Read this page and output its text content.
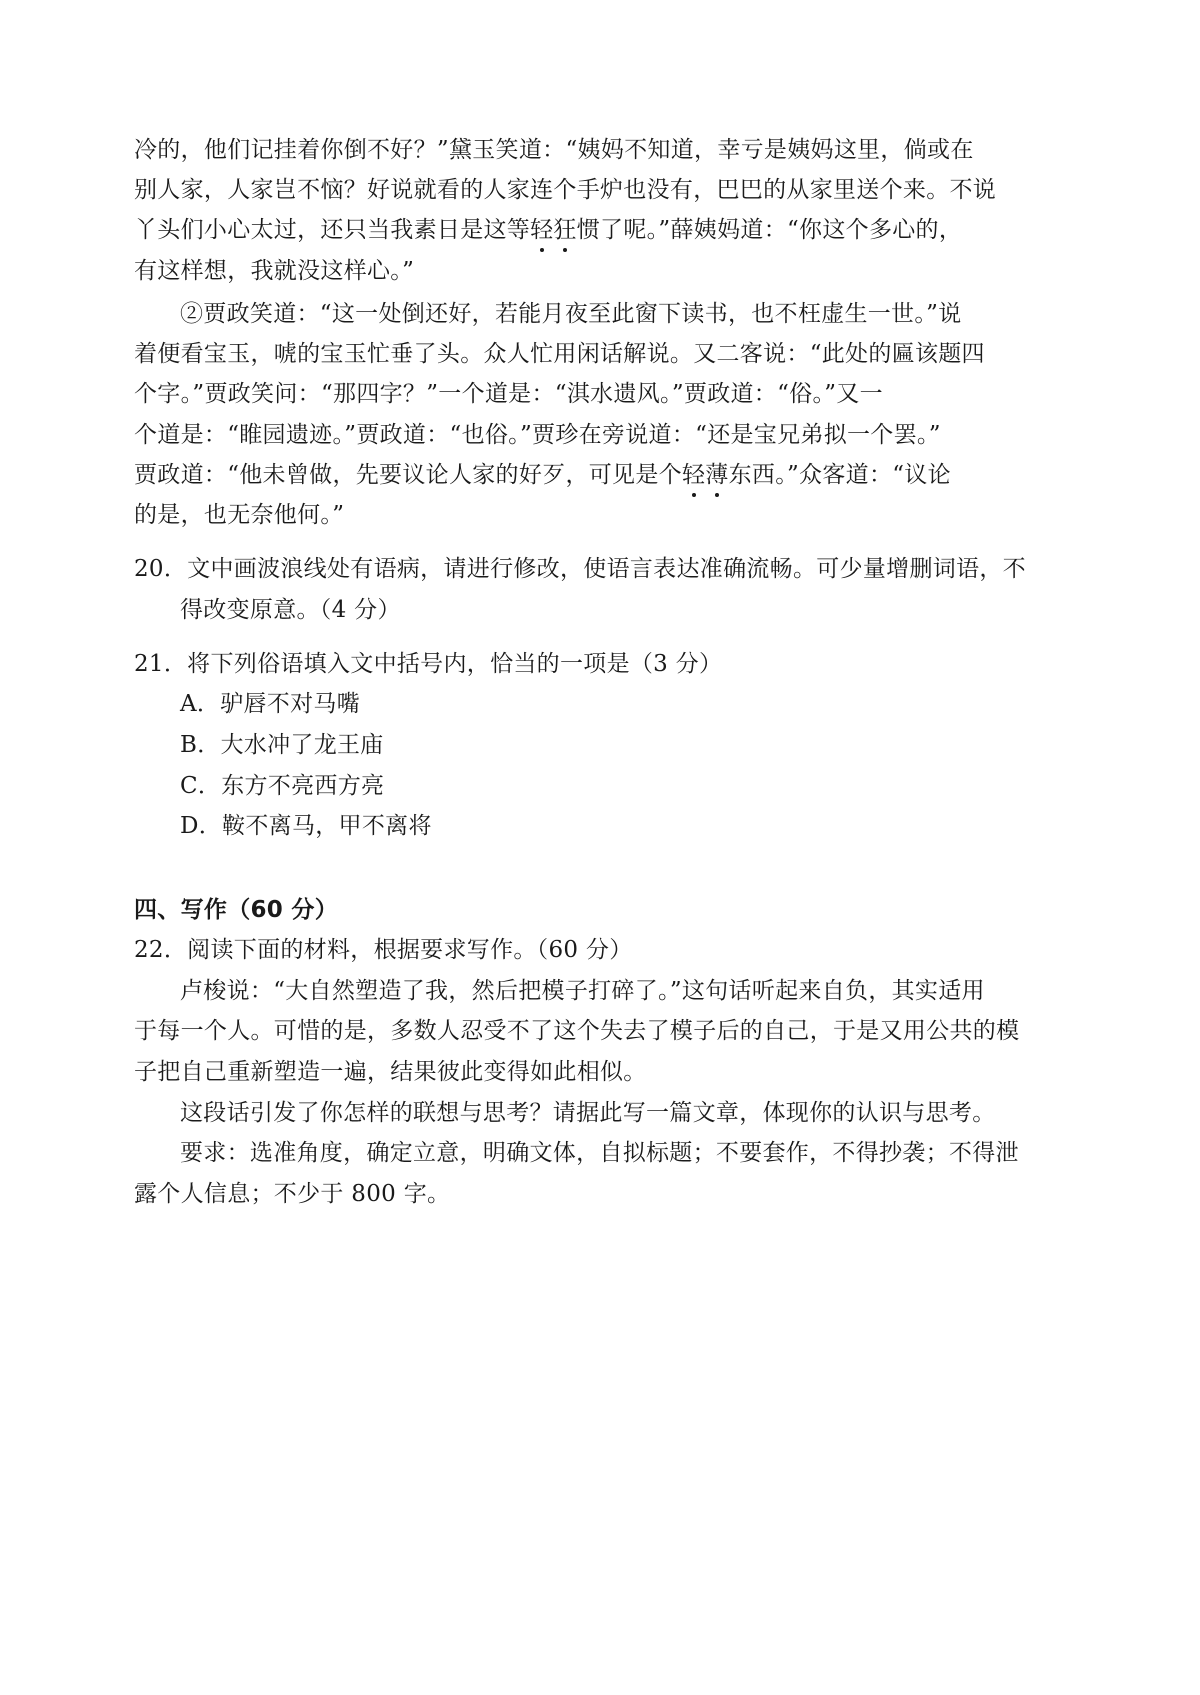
冷的，他们记挂着你倒不好？”黛玉笑道：“姨妈不知道，幸亏是姨妈这里，倘或在
别人家，人家岂不恼？好说就看的人家连个手炉也没有，巴巴的从家里送个来。不说
丫头们小心太过，还只当我素日是这等轻狂惯了呢。”薛姨妈道：“你这个多心的，
有这样想，我就没这样心。”
②贾政笑道：“这一处倒还好，若能月夜至此窗下读书，也不枉虚生一世。”说
着便看宝玉，唬的宝玉忙垂了头。众人忙用闲话解说。又二客说：“此处的匾该题四
个字。”贾政笑问：“那四字？”一个道是：“淇水遗风。”贾政道：“俗。”又一
个道是：“睢园遗迹。”贾政道：“也俗。”贾珍在旁说道：“还是宝兄弟拟一个罢。”
贾政道：“他未曾做，先要议论人家的好歹，可见是个轻薄东西。”众客道：“议论
的是，也无奈他何。”
20．文中画波浪线处有语病，请进行修改，使语言表达准确流畅。可少量增删词语，不
得改变原意。（4 分）
21．将下列俗语填入文中括号内，恰当的一项是（3 分）
A．驴唇不对马嘴
B．大水冲了龙王庙
C．东方不亮西方亮
D．鞍不离马，甲不离将
四、写作（60 分）
22．阅读下面的材料，根据要求写作。（60 分）
卢梭说：“大自然塑造了我，然后把模子打碎了。”这句话听起来自负，其实适用
于每一个人。可惜的是，多数人忍受不了这个失去了模子后的自己，于是又用公共的模
子把自己重新塑造一遍，结果彼此变得如此相似。
这段话引发了你怎样的联想与思考？请据此写一篇文章，体现你的认识与思考。
要求：选准角度，确定立意，明确文体，自拟标题；不要套作，不得抄袭；不得泄
露个人信息；不少于 800 字。
